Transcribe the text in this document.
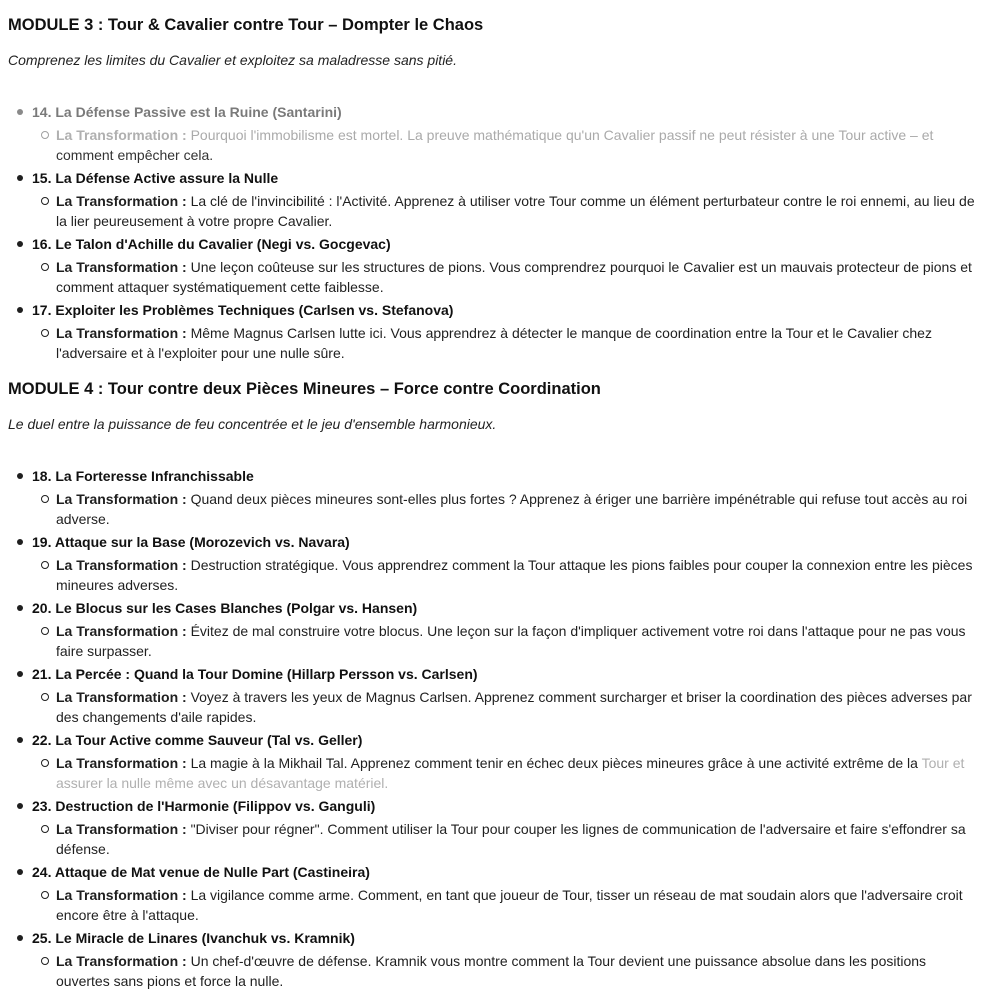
MODULE 3 : Tour & Cavalier contre Tour – Dompter le Chaos

Comprenez les limites du Cavalier et exploitez sa maladresse sans pitié.

14. La Défense Passive est la Ruine (Santarini)
La Transformation : Pourquoi l'immobilisme est mortel. La preuve mathématique qu'un Cavalier passif ne peut résister à une Tour active – et comment empêcher cela.
15. La Défense Active assure la Nulle
La Transformation : La clé de l'invincibilité : l'Activité. Apprenez à utiliser votre Tour comme un élément perturbateur contre le roi ennemi, au lieu de la lier peureusement à votre propre Cavalier.
16. Le Talon d'Achille du Cavalier (Negi vs. Gocgevac)
La Transformation : Une leçon coûteuse sur les structures de pions. Vous comprendrez pourquoi le Cavalier est un mauvais protecteur de pions et comment attaquer systématiquement cette faiblesse.
17. Exploiter les Problèmes Techniques (Carlsen vs. Stefanova)
La Transformation : Même Magnus Carlsen lutte ici. Vous apprendrez à détecter le manque de coordination entre la Tour et le Cavalier chez l'adversaire et à l'exploiter pour une nulle sûre.
MODULE 4 : Tour contre deux Pièces Mineures – Force contre Coordination

Le duel entre la puissance de feu concentrée et le jeu d'ensemble harmonieux.

18. La Forteresse Infranchissable
La Transformation : Quand deux pièces mineures sont-elles plus fortes ? Apprenez à ériger une barrière impénétrable qui refuse tout accès au roi adverse.
19. Attaque sur la Base (Morozevich vs. Navara)
La Transformation : Destruction stratégique. Vous apprendrez comment la Tour attaque les pions faibles pour couper la connexion entre les pièces mineures adverses.
20. Le Blocus sur les Cases Blanches (Polgar vs. Hansen)
La Transformation : Évitez de mal construire votre blocus. Une leçon sur la façon d'impliquer activement votre roi dans l'attaque pour ne pas vous faire surpasser.
21. La Percée : Quand la Tour Domine (Hillarp Persson vs. Carlsen)
La Transformation : Voyez à travers les yeux de Magnus Carlsen. Apprenez comment surcharger et briser la coordination des pièces adverses par des changements d'aile rapides.
22. La Tour Active comme Sauveur (Tal vs. Geller)
La Transformation : La magie à la Mikhail Tal. Apprenez comment tenir en échec deux pièces mineures grâce à une activité extrême de la Tour et assurer la nulle même avec un désavantage matériel.
23. Destruction de l'Harmonie (Filippov vs. Ganguli)
La Transformation : "Diviser pour régner". Comment utiliser la Tour pour couper les lignes de communication de l'adversaire et faire s'effondrer sa défense.
24. Attaque de Mat venue de Nulle Part (Castineira)
La Transformation : La vigilance comme arme. Comment, en tant que joueur de Tour, tisser un réseau de mat soudain alors que l'adversaire croit encore être à l'attaque.
25. Le Miracle de Linares (Ivanchuk vs. Kramnik)
La Transformation : Un chef-d'œuvre de défense. Kramnik vous montre comment la Tour devient une puissance absolue dans les positions ouvertes sans pions et force la nulle.
